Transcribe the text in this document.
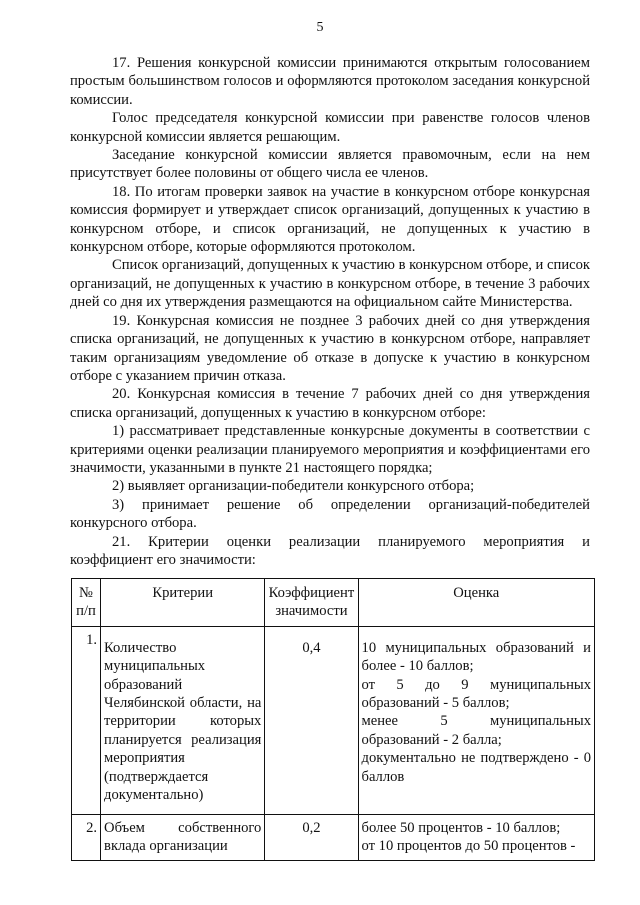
5

17. Решения конкурсной комиссии принимаются открытым голосованием простым большинством голосов и оформляются протоколом заседания конкурсной комиссии.

Голос председателя конкурсной комиссии при равенстве голосов членов конкурсной комиссии является решающим.

Заседание конкурсной комиссии является правомочным, если на нем присутствует более половины от общего числа ее членов.

18. По итогам проверки заявок на участие в конкурсном отборе конкурсная комиссия формирует и утверждает список организаций, допущенных к участию в конкурсном отборе, и список организаций, не допущенных к участию в конкурсном отборе, которые оформляются протоколом.

Список организаций, допущенных к участию в конкурсном отборе, и список организаций, не допущенных к участию в конкурсном отборе, в течение 3 рабочих дней со дня их утверждения размещаются на официальном сайте Министерства.

19. Конкурсная комиссия не позднее 3 рабочих дней со дня утверждения списка организаций, не допущенных к участию в конкурсном отборе, направляет таким организациям уведомление об отказе в допуске к участию в конкурсном отборе с указанием причин отказа.

20. Конкурсная комиссия в течение 7 рабочих дней со дня утверждения списка организаций, допущенных к участию в конкурсном отборе:

1) рассматривает представленные конкурсные документы в соответствии с критериями оценки реализации планируемого мероприятия и коэффициентами его значимости, указанными в пункте 21 настоящего порядка;

2) выявляет организации-победители конкурсного отбора;

3) принимает решение об определении организаций-победителей конкурсного отбора.

21. Критерии оценки реализации планируемого мероприятия и коэффициент его значимости:

№ п/п	Критерии	Коэффициент значимости	Оценка
1.	Количество муниципальных образований Челябинской области, на территории которых планируется реализация мероприятия (подтверждается документально)	0,4	10 муниципальных образований и более - 10 баллов;
от 5 до 9 муниципальных образований - 5 баллов;
менее 5 муниципальных образований - 2 балла;
документально не подтверждено - 0 баллов

2.	Объем собственного вклада организации	0,2	более 50 процентов - 10 баллов;
от 10 процентов до 50 процентов -
